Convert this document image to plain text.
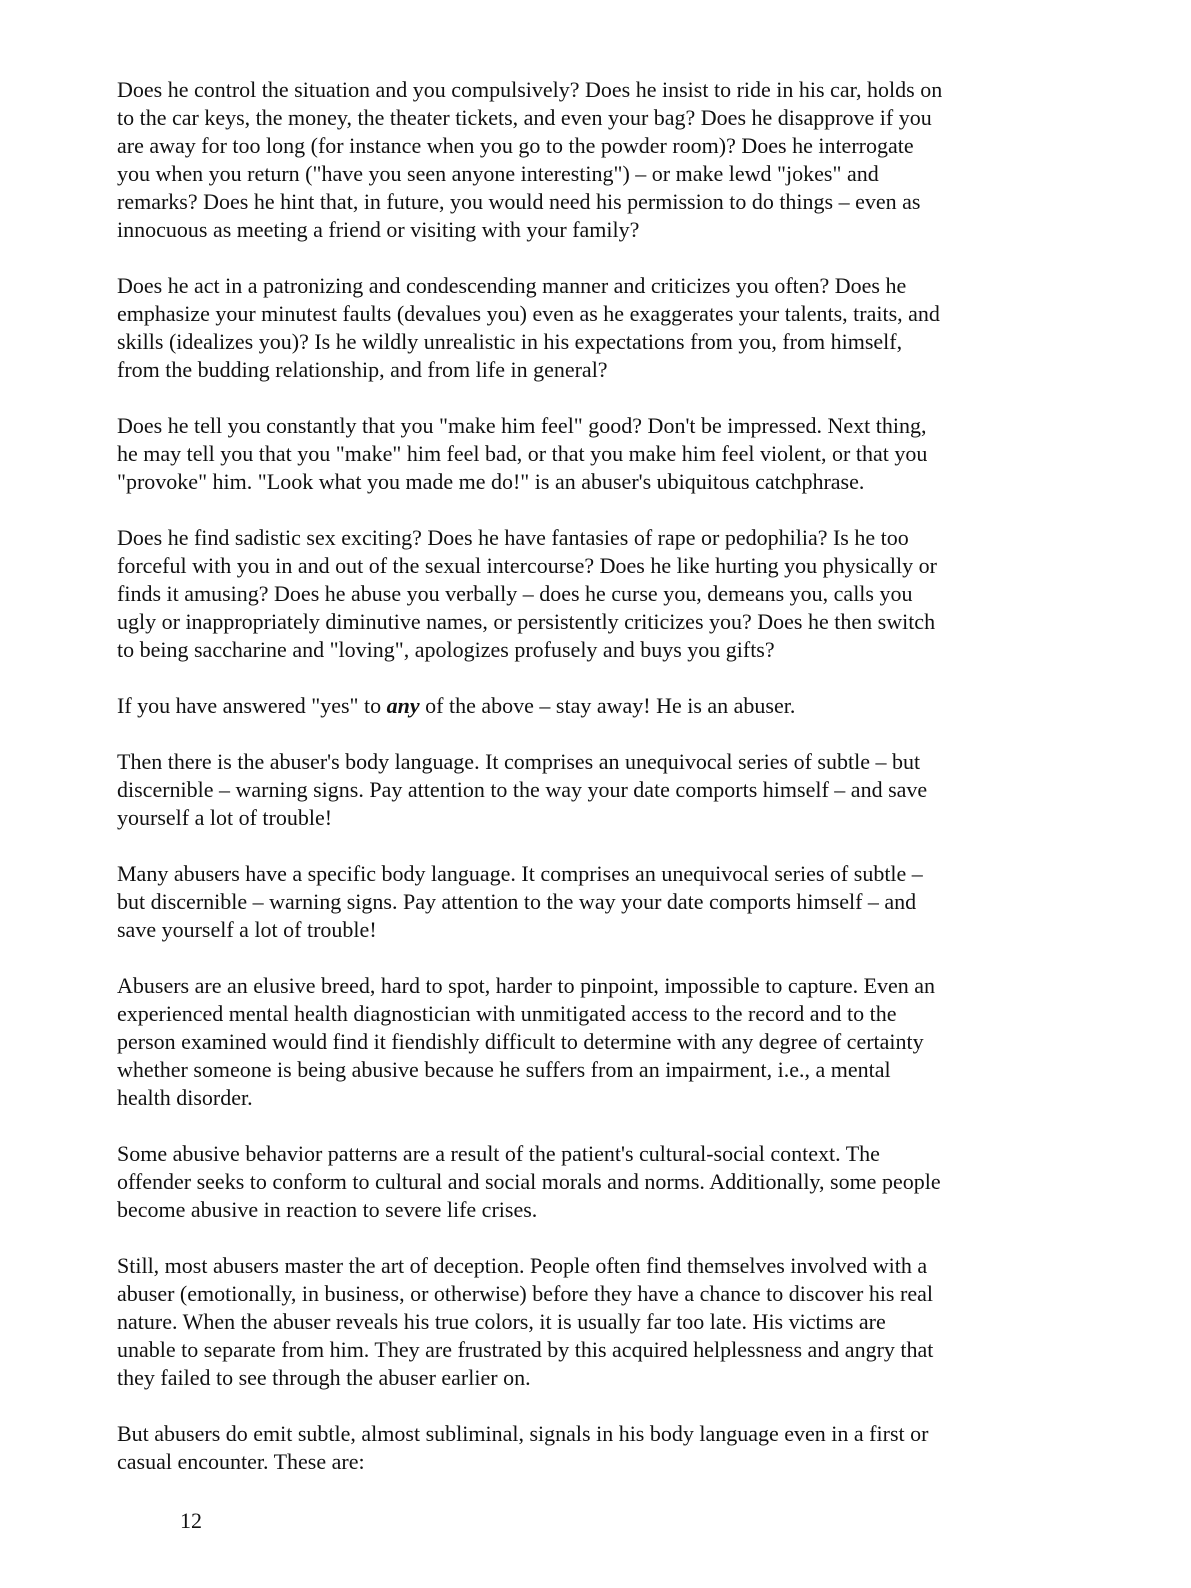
Does he control the situation and you compulsively? Does he insist to ride in his car, holds on
to the car keys, the money, the theater tickets, and even your bag? Does he disapprove if you
are away for too long (for instance when you go to the powder room)? Does he interrogate
you when you return ("have you seen anyone interesting") – or make lewd "jokes" and
remarks? Does he hint that, in future, you would need his permission to do things – even as
innocuous as meeting a friend or visiting with your family?

Does he act in a patronizing and condescending manner and criticizes you often? Does he
emphasize your minutest faults (devalues you) even as he exaggerates your talents, traits, and
skills (idealizes you)? Is he wildly unrealistic in his expectations from you, from himself,
from the budding relationship, and from life in general?

Does he tell you constantly that you "make him feel" good? Don't be impressed. Next thing,
he may tell you that you "make" him feel bad, or that you make him feel violent, or that you
"provoke" him. "Look what you made me do!" is an abuser's ubiquitous catchphrase.

Does he find sadistic sex exciting? Does he have fantasies of rape or pedophilia? Is he too
forceful with you in and out of the sexual intercourse? Does he like hurting you physically or
finds it amusing? Does he abuse you verbally – does he curse you, demeans you, calls you
ugly or inappropriately diminutive names, or persistently criticizes you? Does he then switch
to being saccharine and "loving", apologizes profusely and buys you gifts?

If you have answered "yes" to any of the above – stay away! He is an abuser.

Then there is the abuser's body language. It comprises an unequivocal series of subtle – but
discernible – warning signs. Pay attention to the way your date comports himself – and save
yourself a lot of trouble!

Many abusers have a specific body language. It comprises an unequivocal series of subtle –
but discernible – warning signs. Pay attention to the way your date comports himself – and
save yourself a lot of trouble!

Abusers are an elusive breed, hard to spot, harder to pinpoint, impossible to capture. Even an
experienced mental health diagnostician with unmitigated access to the record and to the
person examined would find it fiendishly difficult to determine with any degree of certainty
whether someone is being abusive because he suffers from an impairment, i.e., a mental
health disorder.

Some abusive behavior patterns are a result of the patient's cultural-social context. The
offender seeks to conform to cultural and social morals and norms. Additionally, some people
become abusive in reaction to severe life crises.

Still, most abusers master the art of deception. People often find themselves involved with a
abuser (emotionally, in business, or otherwise) before they have a chance to discover his real
nature. When the abuser reveals his true colors, it is usually far too late. His victims are
unable to separate from him. They are frustrated by this acquired helplessness and angry that
they failed to see through the abuser earlier on.

But abusers do emit subtle, almost subliminal, signals in his body language even in a first or
casual encounter. These are:

12
